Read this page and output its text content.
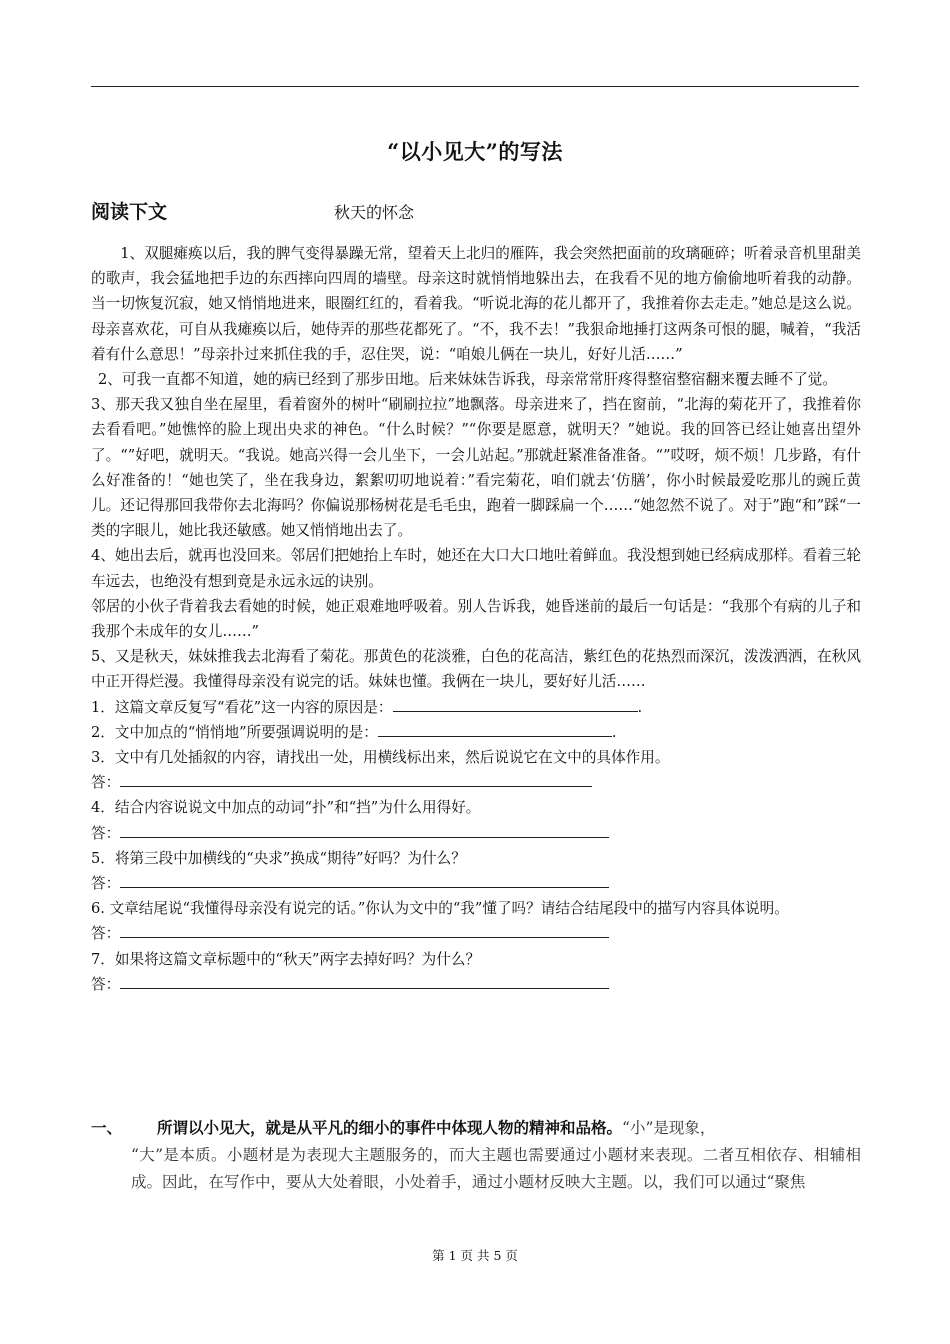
“以小见大”的写法
阅读下文	秋天的怀念

1、双腿瘫痪以后，我的脾气变得暴躁无常，望着天上北归的雁阵，我会突然把面前的玫璃砸碎；听着录音机里甜美的歌声，我会猛地把手边的东西摔向四周的墙壁。母亲这时就悄悄地躲出去，在我看不见的地方偷偷地听着我的动静。当一切恢复沉寂，她又悄悄地进来，眼圈红红的，看着我。“听说北海的花儿都开了，我推着你去走走。”她总是这么说。母亲喜欢花，可自从我瘫痪以后，她侍弄的那些花都死了。“不，我不去！”我狠命地捶打这两条可恨的腿，喊着，“我活着有什么意思！”母亲扑过来抓住我的手，忍住哭，说：“咱娘儿俩在一块儿，好好儿活……”

2、可我一直都不知道，她的病已经到了那步田地。后来妹妹告诉我，母亲常常肝疼得整宿整宿翻来覆去睡不了觉。

3、那天我又独自坐在屋里，看着窗外的树叶“刷刷拉拉”地飘落。母亲进来了，挡在窗前，“北海的菊花开了，我推着你去看看吧。”她憔悴的脸上现出央求的神色。“什么时候？”“你要是愿意，就明天？”她说。我的回答已经让她喜出望外了。“”好吧，就明天。“我说。她高兴得一会儿坐下，一会儿站起。”那就赶紧准备准备。“”哎呀，烦不烦！几步路，有什么好准备的！“她也笑了，坐在我身边，絮絮叨叨地说着：”看完菊花，咱们就去‘仿膳’，你小时候最爱吃那儿的豌丘黄儿。还记得那回我带你去北海吗？你偏说那杨树花是毛毛虫，跑着一脚踩扁一个……“她忽然不说了。对于”跑“和”踩“一类的字眼儿，她比我还敏感。她又悄悄地出去了。

4、她出去后，就再也没回来。邻居们把她抬上车时，她还在大口大口地吐着鲜血。我没想到她已经病成那样。看着三轮车远去，也绝没有想到竟是永远永远的诀别。

邻居的小伙子背着我去看她的时候，她正艰难地呼吸着。别人告诉我，她昏迷前的最后一句话是：“我那个有病的儿子和我那个未成年的女儿……”

5、又是秋天，妹妹推我去北海看了菊花。那黄色的花淡雅，白色的花高洁，紫红色的花热烈而深沉，泼泼洒洒，在秋风中正开得烂漫。我懂得母亲没有说完的话。妹妹也懂。我俩在一块儿，要好好儿活……

1．这篇文章反复写“看花”这一内容的原因是：	.

2．文中加点的“悄悄地”所要强调说明的是：	.

3．文中有几处插叙的内容，请找出一处，用横线标出来，然后说说它在文中的具体作用。

答：

4．结合内容说说文中加点的动词“扑”和“挡”为什么用得好。

答：

5．将第三段中加横线的“央求”换成“期待”好吗？为什么？

答：

6. 文章结尾说“我懂得母亲没有说完的话。”你认为文中的“我”懂了吗？请结合结尾段中的描写内容具体说明。

答：

7．如果将这篇文章标题中的“秋天”两字去掉好吗？为什么？

答：

一、 所谓以小见大，就是从平凡的细小的事件中体现人物的精神和品格。“小”是现象，
“大”是本质。小题材是为表现大主题服务的，而大主题也需要通过小题材来表现。二者互相依存、相辅相成。因此，在写作中，要从大处着眼，小处着手，通过小题材反映大主题。以，我们可以通过“聚焦
第 1 页 共 5 页
